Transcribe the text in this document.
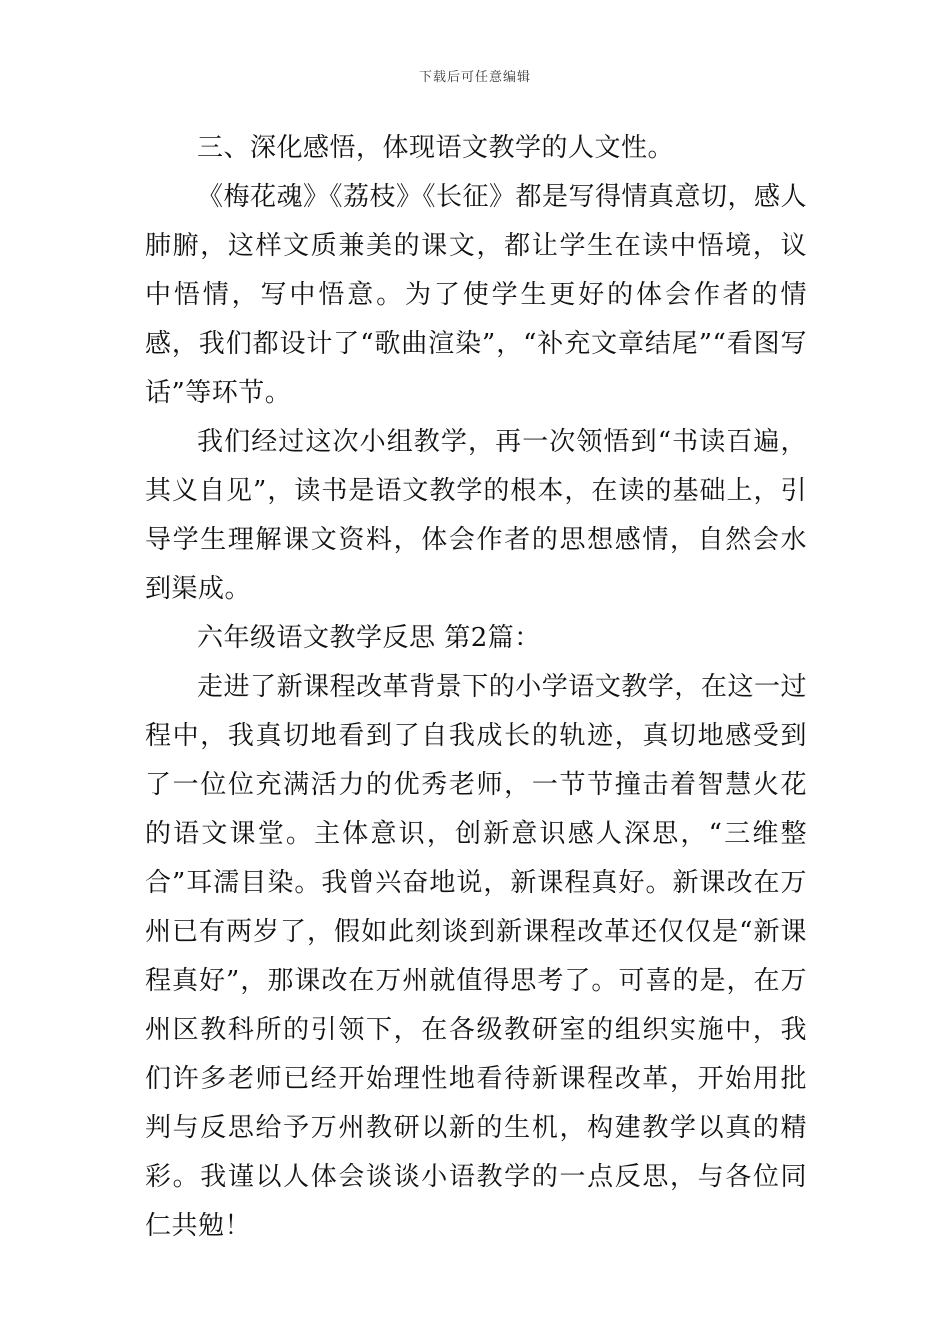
下载后可任意编辑

三、深化感悟，体现语文教学的人文性。

《梅花魂》《荔枝》《长征》都是写得情真意切，感人肺腑，这样文质兼美的课文，都让学生在读中悟境，议中悟情，写中悟意。为了使学生更好的体会作者的情感，我们都设计了“歌曲渲染”，“补充文章结尾”“看图写话”等环节。

我们经过这次小组教学，再一次领悟到“书读百遍，其义自见”，读书是语文教学的根本，在读的基础上，引导学生理解课文资料，体会作者的思想感情，自然会水到渠成。

六年级语文教学反思 第2篇：

走进了新课程改革背景下的小学语文教学，在这一过程中，我真切地看到了自我成长的轨迹，真切地感受到了一位位充满活力的优秀老师，一节节撞击着智慧火花的语文课堂。主体意识，创新意识感人深思，“三维整合”耳濡目染。我曾兴奋地说，新课程真好。新课改在万州已有两岁了，假如此刻谈到新课程改革还仅仅是“新课程真好”，那课改在万州就值得思考了。可喜的是，在万州区教科所的引领下，在各级教研室的组织实施中，我们许多老师已经开始理性地看待新课程改革，开始用批判与反思给予万州教研以新的生机，构建教学以真的精彩。我谨以人体会谈谈小语教学的一点反思，与各位同仁共勉！
